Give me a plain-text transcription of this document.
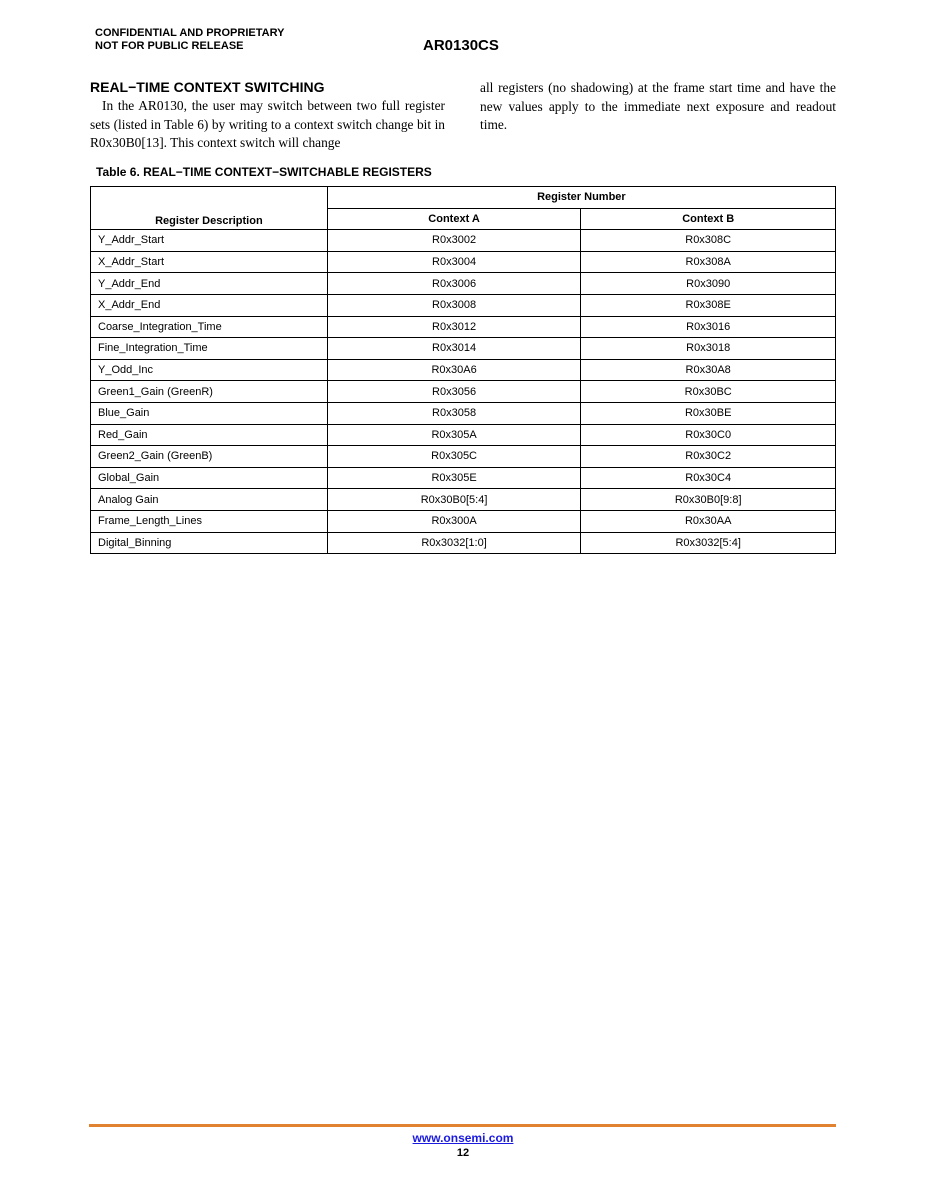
CONFIDENTIAL AND PROPRIETARY
NOT FOR PUBLIC RELEASE	AR0130CS
REAL−TIME CONTEXT SWITCHING
In the AR0130, the user may switch between two full register sets (listed in Table 6) by writing to a context switch change bit in R0x30B0[13]. This context switch will change
all registers (no shadowing) at the frame start time and have the new values apply to the immediate next exposure and readout time.
Table 6. REAL−TIME CONTEXT−SWITCHABLE REGISTERS
Register Description	Register Number	
	Context A	Context B
Y_Addr_Start	R0x3002	R0x308C
X_Addr_Start	R0x3004	R0x308A
Y_Addr_End	R0x3006	R0x3090
X_Addr_End	R0x3008	R0x308E
Coarse_Integration_Time	R0x3012	R0x3016
Fine_Integration_Time	R0x3014	R0x3018
Y_Odd_Inc	R0x30A6	R0x30A8
Green1_Gain (GreenR)	R0x3056	R0x30BC
Blue_Gain	R0x3058	R0x30BE
Red_Gain	R0x305A	R0x30C0
Green2_Gain (GreenB)	R0x305C	R0x30C2
Global_Gain	R0x305E	R0x30C4
Analog Gain	R0x30B0[5:4]	R0x30B0[9:8]
Frame_Length_Lines	R0x300A	R0x30AA
Digital_Binning	R0x3032[1:0]	R0x3032[5:4]
www.onsemi.com
12
